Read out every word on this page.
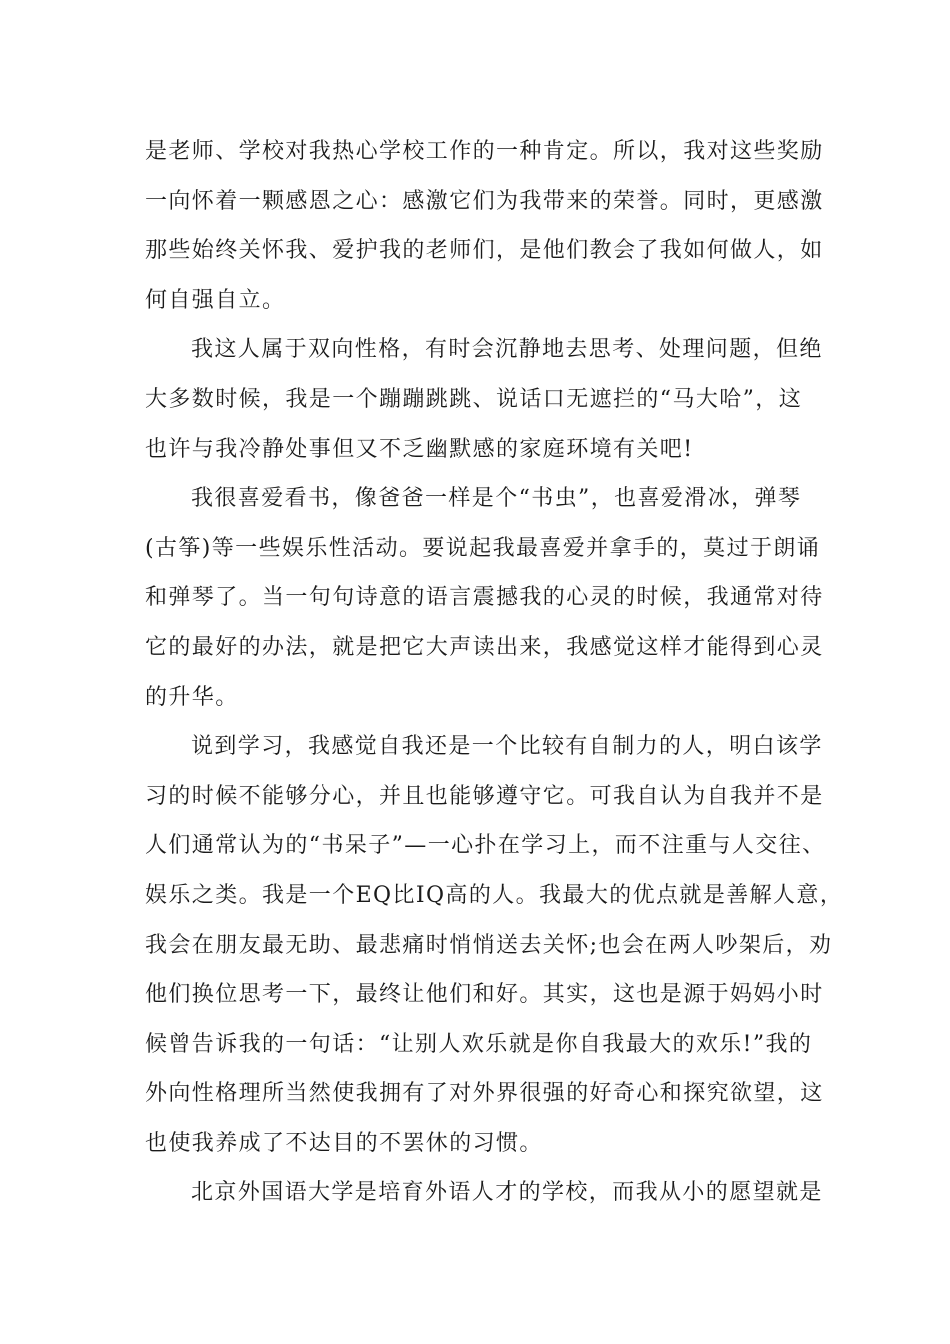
是老师、学校对我热心学校工作的一种肯定。所以，我对这些奖励
一向怀着一颗感恩之心：感激它们为我带来的荣誉。同时，更感激
那些始终关怀我、爱护我的老师们，是他们教会了我如何做人，如
何自强自立。

我这人属于双向性格，有时会沉静地去思考、处理问题，但绝
大多数时候，我是一个蹦蹦跳跳、说话口无遮拦的“马大哈”，这
也许与我冷静处事但又不乏幽默感的家庭环境有关吧!

我很喜爱看书，像爸爸一样是个“书虫”，也喜爱滑冰，弹琴
(古筝)等一些娱乐性活动。要说起我最喜爱并拿手的，莫过于朗诵
和弹琴了。当一句句诗意的语言震撼我的心灵的时候，我通常对待
它的最好的办法，就是把它大声读出来，我感觉这样才能得到心灵
的升华。

说到学习，我感觉自我还是一个比较有自制力的人，明白该学
习的时候不能够分心，并且也能够遵守它。可我自认为自我并不是
人们通常认为的“书呆子”—一心扑在学习上，而不注重与人交往、
娱乐之类。我是一个EQ比IQ高的人。我最大的优点就是善解人意，
我会在朋友最无助、最悲痛时悄悄送去关怀;也会在两人吵架后，劝
他们换位思考一下，最终让他们和好。其实，这也是源于妈妈小时
候曾告诉我的一句话：“让别人欢乐就是你自我最大的欢乐!”我的
外向性格理所当然使我拥有了对外界很强的好奇心和探究欲望，这
也使我养成了不达目的不罢休的习惯。

北京外国语大学是培育外语人才的学校，而我从小的愿望就是
